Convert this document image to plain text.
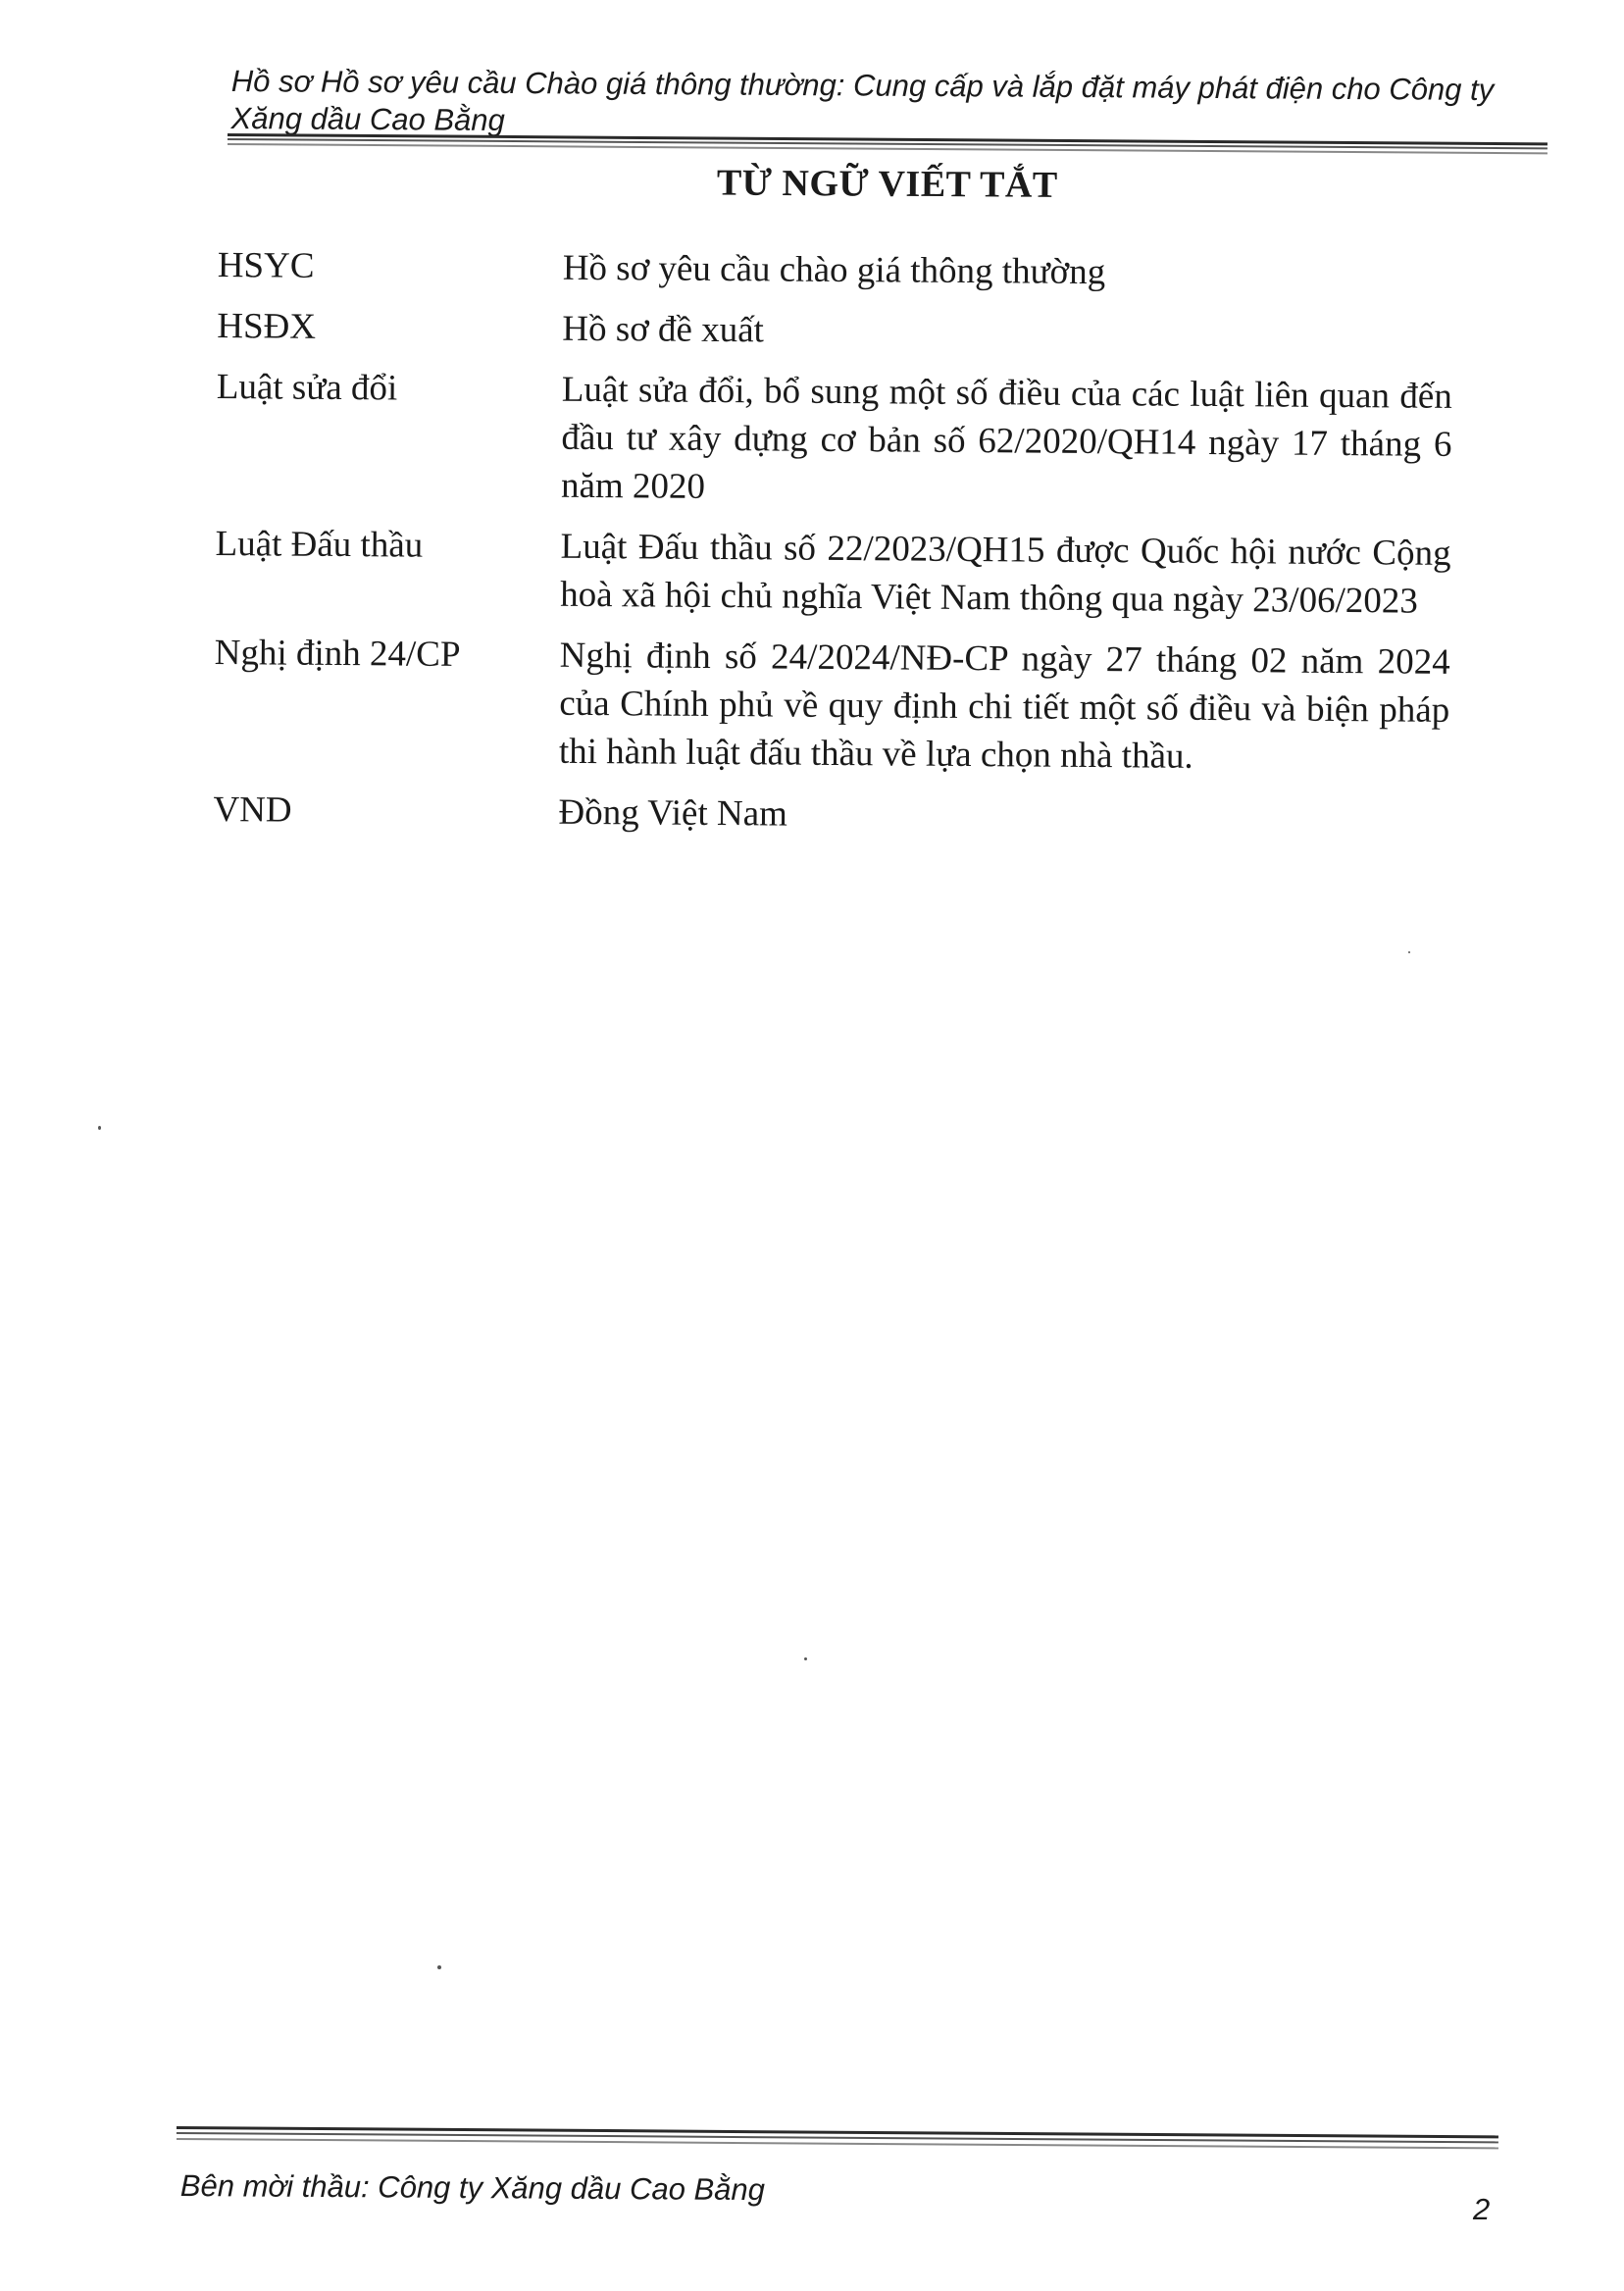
Hồ sơ Hồ sơ yêu cầu Chào giá thông thường: Cung cấp và lắp đặt máy phát điện cho Công ty Xăng dầu Cao Bằng
TỪ NGỮ VIẾT TẮT
HSYC	Hồ sơ yêu cầu chào giá thông thường
HSĐX	Hồ sơ đề xuất
Luật sửa đổi	Luật sửa đổi, bổ sung một số điều của các luật liên quan đến đầu tư xây dựng cơ bản số 62/2020/QH14 ngày 17 tháng 6 năm 2020
Luật Đấu thầu	Luật Đấu thầu số 22/2023/QH15 được Quốc hội nước Cộng hoà xã hội chủ nghĩa Việt Nam thông qua ngày 23/06/2023
Nghị định 24/CP	Nghị định số 24/2024/NĐ-CP ngày 27 tháng 02 năm 2024 của Chính phủ về quy định chi tiết một số điều và biện pháp thi hành luật đấu thầu về lựa chọn nhà thầu.
VND	Đồng Việt Nam
Bên mời thầu: Công ty Xăng dầu Cao Bằng
2
